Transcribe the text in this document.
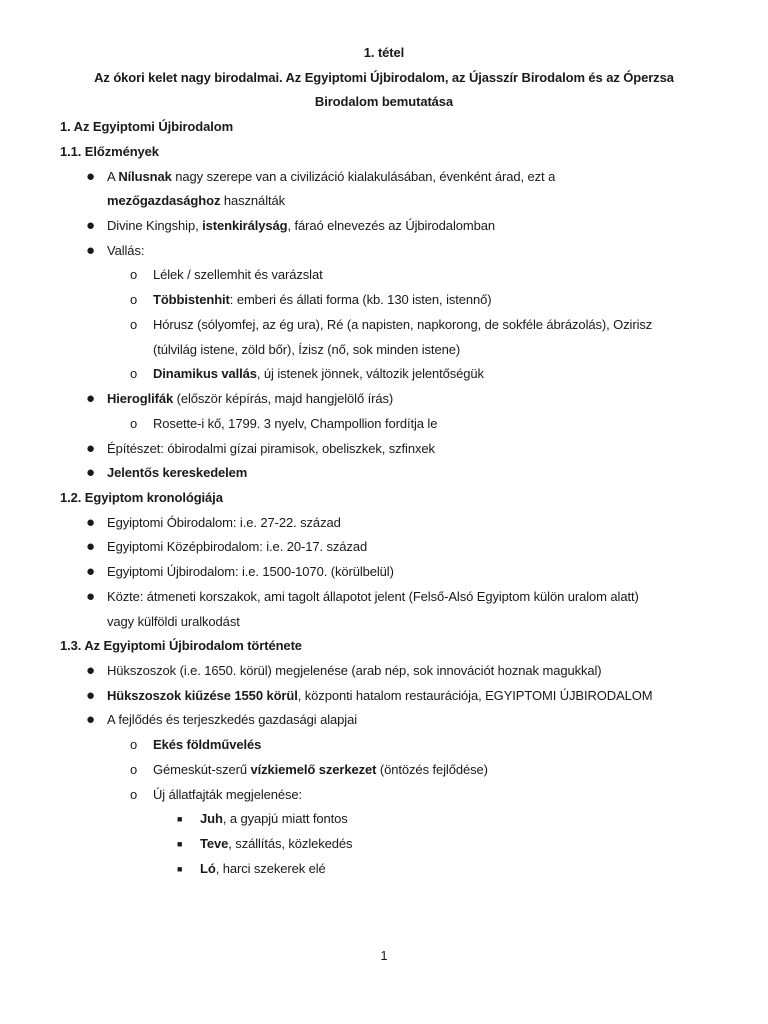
1. tétel
Az ókori kelet nagy birodalmai. Az Egyiptomi Újbirodalom, az Újasszír Birodalom és az Óperzsa
Birodalom bemutatása
1. Az Egyiptomi Újbirodalom
1.1. Előzmények
A Nílusnak nagy szerepe van a civilizáció kialakulásában, évenként árad, ezt a
●
mezőgazdasághoz használták
Divine Kingship, istenkirályság, fáraó elnevezés az Újbirodalomban
●
Vallás:
●
Lélek / szellemhit és varázslat
o
Többistenhit: emberi és állati forma (kb. 130 isten, istennő)
o
Hórusz (sólyomfej, az ég ura), Ré (a napisten, napkorong, de sokféle ábrázolás), Ozirisz
o
(túlvilág istene, zöld bőr), Ízisz (nő, sok minden istene)
Dinamikus vallás, új istenek jönnek, változik jelentőségük
o
Hieroglifák (először képírás, majd hangjelölő írás)
●
Rosette-i kő, 1799. 3 nyelv, Champollion fordítja le
o
Építészet: óbirodalmi gízai piramisok, obeliszkek, szfinxek
●
Jelentős kereskedelem
●
1.2. Egyiptom kronológiája
Egyiptomi Óbirodalom: i.e. 27-22. század
●
Egyiptomi Középbirodalom: i.e. 20-17. század
●
Egyiptomi Újbirodalom: i.e. 1500-1070. (körülbelül)
●
Közte: átmeneti korszakok, ami tagolt állapotot jelent (Felső-Alsó Egyiptom külön uralom alatt)
●
vagy külföldi uralkodást
1.3. Az Egyiptomi Újbirodalom története
Hükszoszok (i.e. 1650. körül) megjelenése (arab nép, sok innovációt hoznak magukkal)
●
Hükszoszok kiűzése 1550 körül, központi hatalom restaurációja, EGYIPTOMI ÚJBIRODALOM
●
A fejlődés és terjeszkedés gazdasági alapjai
●
Ekés földművelés
o
Gémeskút-szerű vízkiemelő szerkezet (öntözés fejlődése)
o
Új állatfajták megjelenése:
o
Juh, a gyapjú miatt fontos
■
Teve, szállítás, közlekedés
■
Ló, harci szekerek elé
■
1
